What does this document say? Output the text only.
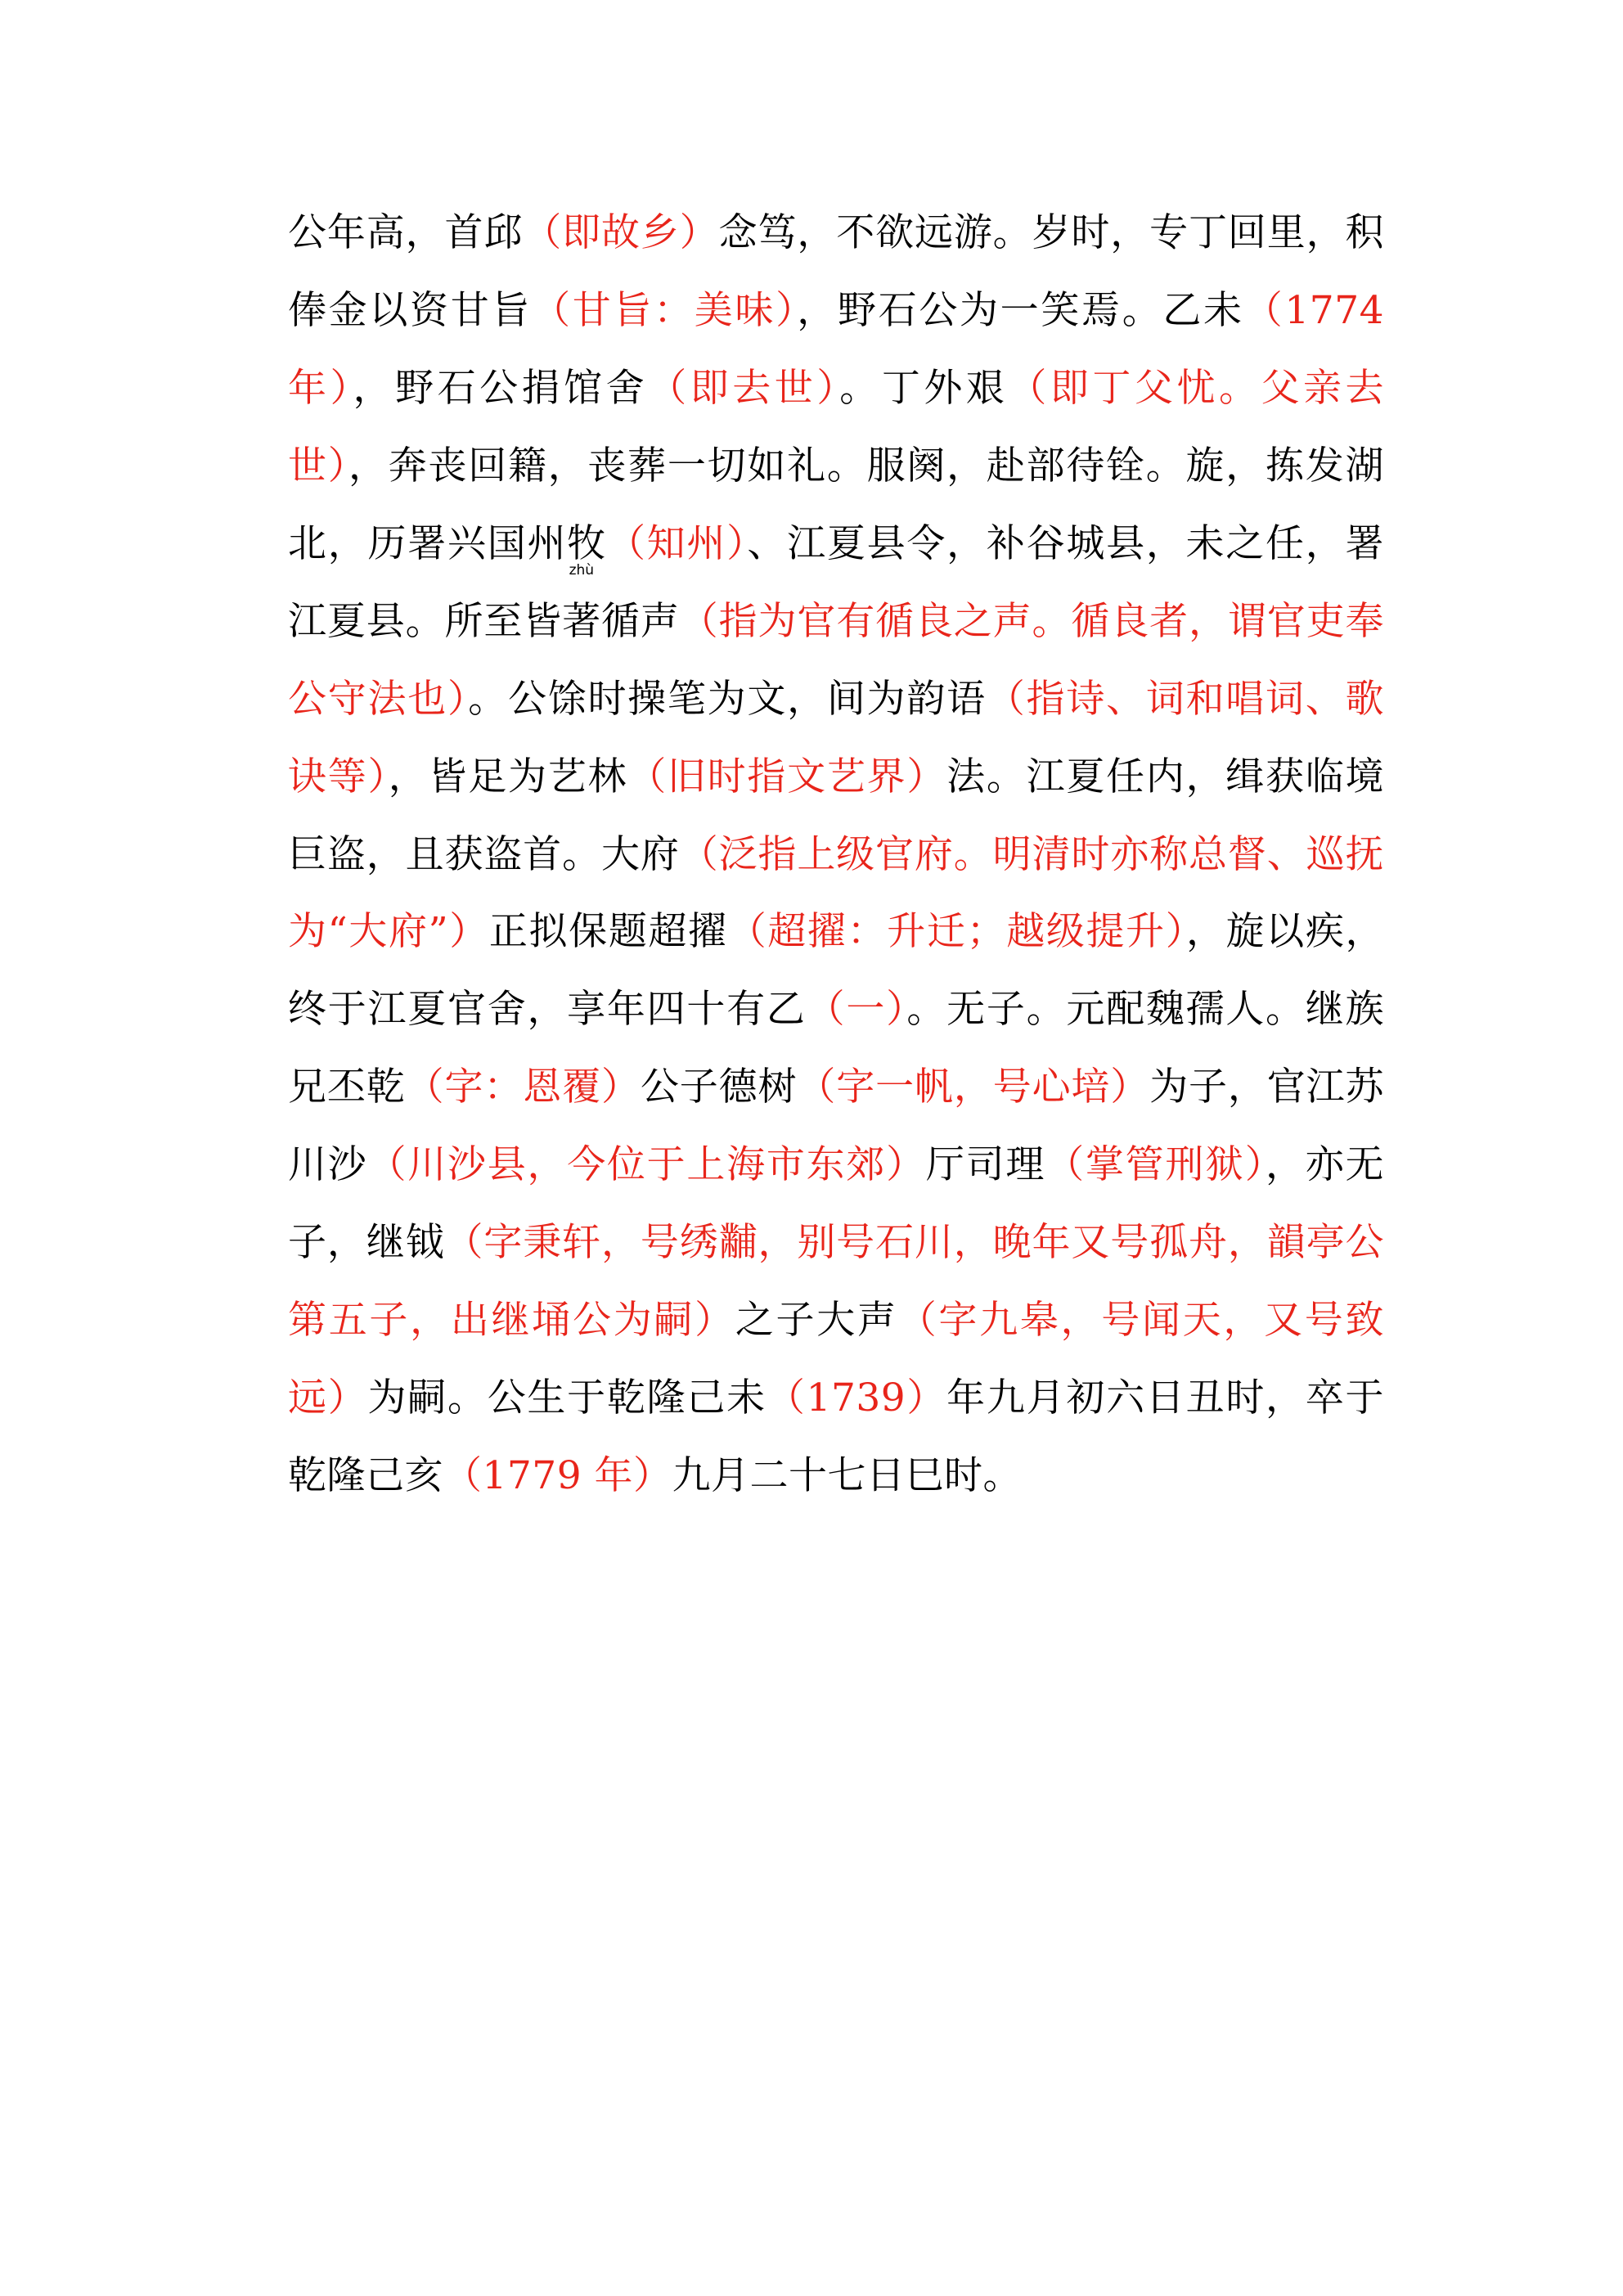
公年高，首邱（即故乡）念笃，不欲远游。岁时，专丁回里，积俸金以资甘旨（甘旨：美味），野石公为一笑焉。乙未（1774 年），野石公捐馆舍（即去世）。丁外艰（即丁父忧。父亲去世），奔丧回籍，丧葬一切如礼。服阕，赴部待铨。旋，拣发湖北，历署兴国州牧（知州）、江夏县令，补谷城县，未之任，署江夏县。所至皆
zhù
著循声（指为官有循良之声。循良者，谓官吏奉公守法也）。公馀时操笔为文，间为韵语（指诗、词和唱词、歌诀等），皆足为艺林（旧时指文艺界）法。江夏任内，缉获临境巨盗，且获盗首。大府（泛指上级官府。明清时亦称总督、巡抚为“大府”）正拟保题超擢（超擢：升迁；越级提升），旋以疾，终于江夏官舍，享年四十有乙（一）。无子。元配魏孺人。继族兄丕乾（字：恩覆）公子德树（字一帆，号心培）为子，官江苏川沙（川沙县，今位于上海市东郊）厅司理（掌管刑狱），亦无子，继钺（字秉轩，号绣黼，别号石川，晚年又号孤舟，韻亭公第五子，出继埇公为嗣）之子大声（字九皋，号闻天，又号致远）为嗣。公生于乾隆己未（1739）年九月初六日丑时，卒于乾隆己亥（1779 年）九月二十七日巳时。
